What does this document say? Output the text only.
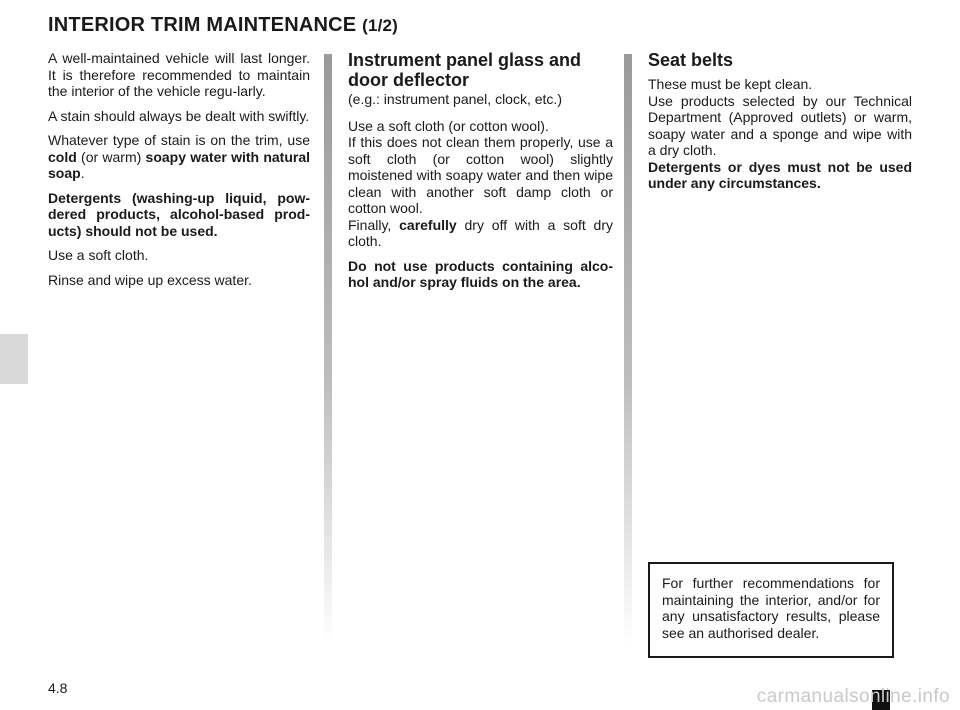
INTERIOR TRIM MAINTENANCE (1/2)

A well-maintained vehicle will last longer. It is therefore recommended to maintain the interior of the vehicle regu-larly.

A stain should always be dealt with swiftly.

Whatever type of stain is on the trim, use cold (or warm) soapy water with natural soap.

Detergents (washing-up liquid, pow-dered products, alcohol-based prod-ucts) should not be used.

Use a soft cloth.

Rinse and wipe up excess water.

Instrument panel glass and door deflector

(e.g.: instrument panel, clock, etc.)

Use a soft cloth (or cotton wool).
If this does not clean them properly, use a soft cloth (or cotton wool) slightly moistened with soapy water and then wipe clean with another soft damp cloth or cotton wool.
Finally, carefully dry off with a soft dry cloth.

Do not use products containing alco-hol and/or spray fluids on the area.

Seat belts

These must be kept clean.
Use products selected by our Technical Department (Approved outlets) or warm, soapy water and a sponge and wipe with a dry cloth.
Detergents or dyes must not be used under any circumstances.

For further recommendations for maintaining the interior, and/or for any unsatisfactory results, please see an authorised dealer.

4.8	carmanualsonline.info
